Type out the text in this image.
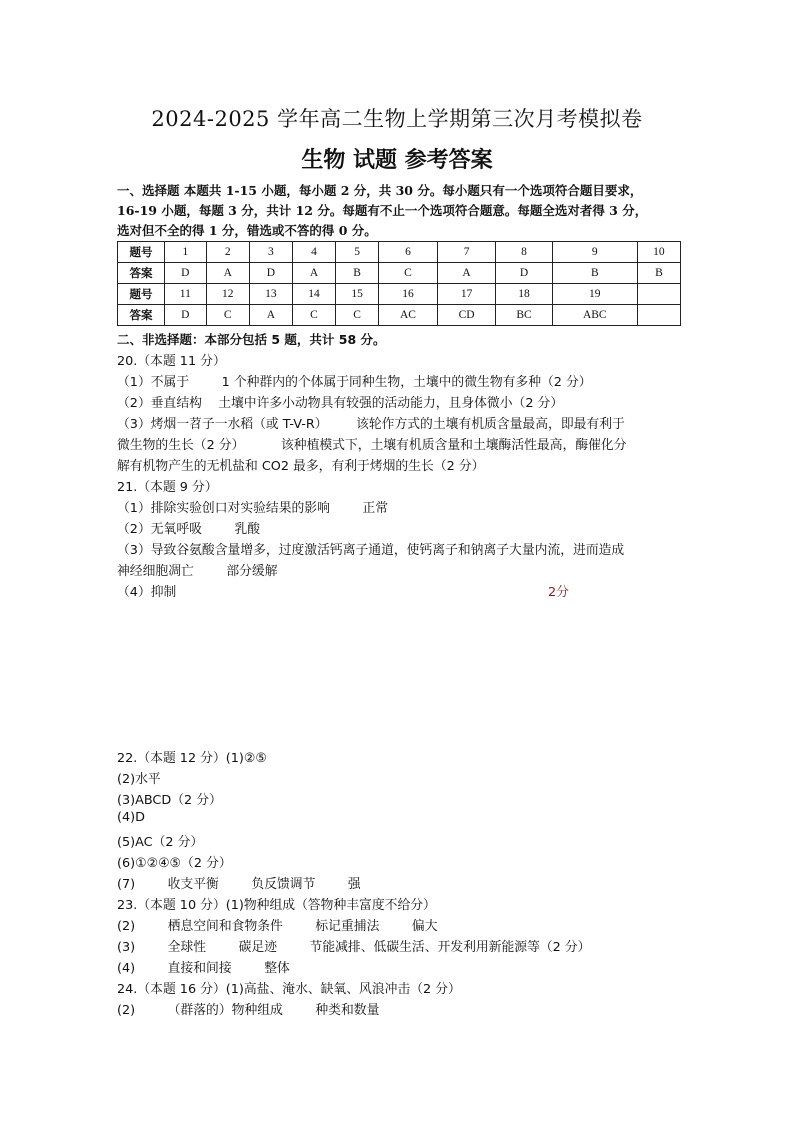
2024-2025 学年高二生物上学期第三次月考模拟卷
生物 试题 参考答案
一、选择题 本题共 1-15 小题，每小题 2 分，共 30 分。每小题只有一个选项符合题目要求，
16-19 小题，每题 3 分，共计 12 分。每题有不止一个选项符合题意。每题全选对者得 3 分，
选对但不全的得 1 分，错选或不答的得 0 分。
题号	1	2	3	4	5	6	7	8	9	10
答案	D	A	D	A	B	C	A	D	B	B
题号	11	12	13	14	15	16	17	18	19	
答案	D	C	A	C	C	AC	CD	BC	ABC	
二、非选择题：本部分包括 5 题，共计 58 分。
20.（本题 11 分）
（1）不属于        1 个种群内的个体属于同种生物，土壤中的微生物有多种（2 分）
（2）垂直结构    土壤中许多小动物具有较强的活动能力，且身体微小（2 分）
（3）烤烟一苕子一水稻（或 T-V-R）       该轮作方式的土壤有机质含量最高，即最有利于
微生物的生长（2 分）         该种植模式下，土壤有机质含量和土壤酶活性最高，酶催化分
解有机物产生的无机盐和 CO2 最多，有利于烤烟的生长（2 分）
21.（本题 9 分）
（1）排除实验创口对实验结果的影响        正常
（2）无氧呼吸        乳酸
（3）导致谷氨酸含量增多，过度激活钙离子通道，使钙离子和钠离子大量内流，进而造成
神经细胞凋亡        部分缓解
（4）抑制	2分
22.（本题 12 分）(1)②⑤
(2)水平
(3)ABCD（2 分）
(4)D
(5)AC（2 分）
(6)①②④⑤（2 分）
(7)        收支平衡        负反馈调节        强
23.（本题 10 分）(1)物种组成（答物种丰富度不给分）
(2)        栖息空间和食物条件        标记重捕法        偏大
(3)        全球性        碳足迹        节能减排、低碳生活、开发利用新能源等（2 分）
(4)        直接和间接        整体
24.（本题 16 分）(1)高盐、淹水、缺氧、风浪冲击（2 分）
(2)        （群落的）物种组成        种类和数量
